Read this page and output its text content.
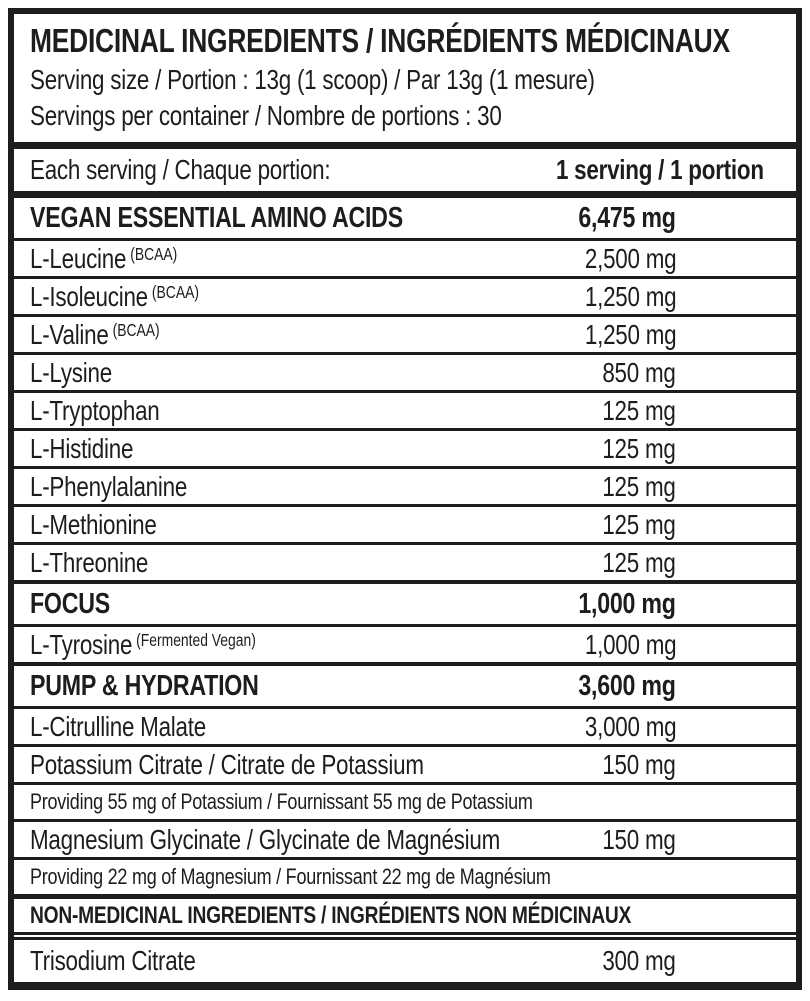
MEDICINAL INGREDIENTS / INGRÉDIENTS MÉDICINAUX
Serving size / Portion : 13g (1 scoop) / Par 13g (1 mesure)
Servings per container / Nombre de portions : 30
Each serving / Chaque portion:	1 serving / 1 portion
VEGAN ESSENTIAL AMINO ACIDS	6,475 mg
L-Leucine $^{(BCAA)}$	2,500 mg
L-Isoleucine $^{(BCAA)}$	1,250 mg
L-Valine $^{(BCAA)}$	1,250 mg
L-Lysine	850 mg
L-Tryptophan	125 mg
L-Histidine	125 mg
L-Phenylalanine	125 mg
L-Methionine	125 mg
L-Threonine	125 mg
FOCUS	1,000 mg
L-Tyrosine $^{(Fermented Vegan)}$	1,000 mg
PUMP & HYDRATION	3,600 mg
L-Citrulline Malate	3,000 mg
Potassium Citrate / Citrate de Potassium	150 mg
Providing 55 mg of Potassium / Fournissant 55 mg de Potassium
Magnesium Glycinate / Glycinate de Magnésium	150 mg
Providing 22 mg of Magnesium / Fournissant 22 mg de Magnésium
NON-MEDICINAL INGREDIENTS / INGRÉDIENTS NON MÉDICINAUX
Trisodium Citrate	300 mg
